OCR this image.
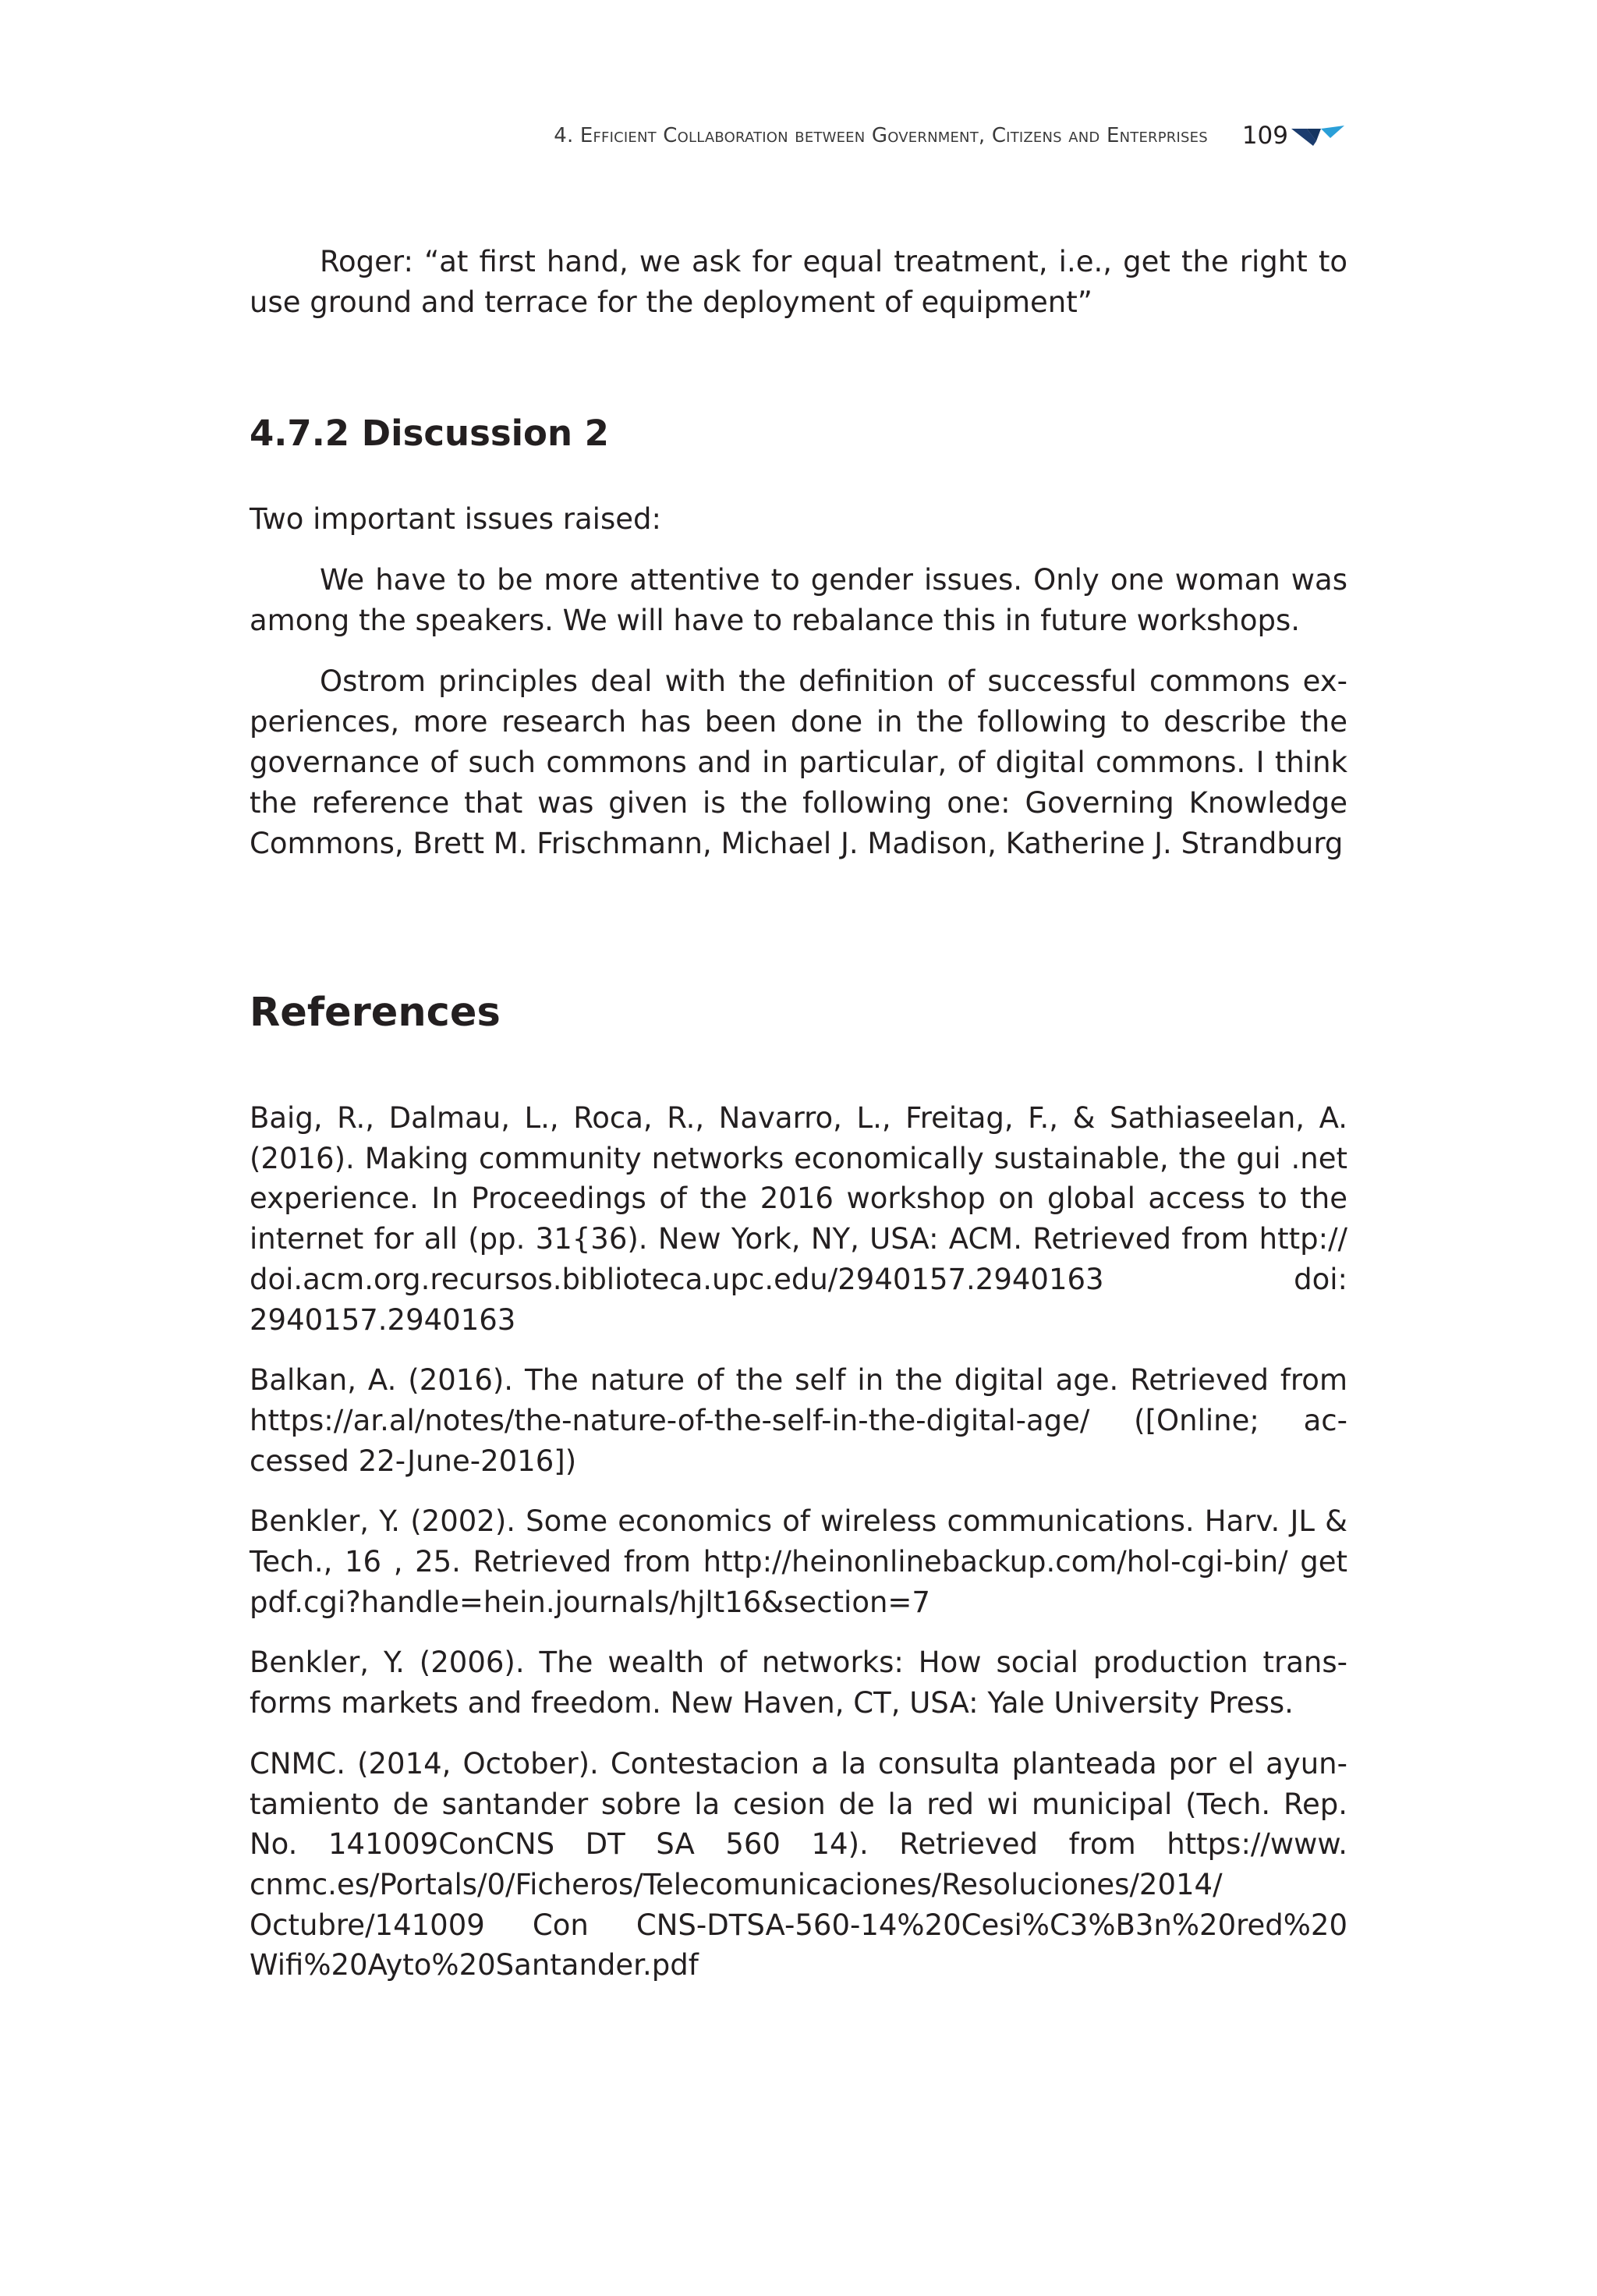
4. Efficient Collaboration between Government, Citizens and Enterprises 109

Roger: “at first hand, we ask for equal treatment, i.e., get the right to use ground and terrace for the deployment of equipment”

4.7.2 Discussion 2

Two important issues raised:

We have to be more attentive to gender issues. Only one woman was among the speakers. We will have to rebalance this in future workshops.

Ostrom principles deal with the definition of successful commons experiences, more research has been done in the following to describe the governance of such commons and in particular, of digital commons. I think the reference that was given is the following one: Governing Knowledge Commons, Brett M. Frischmann, Michael J. Madison, Katherine J. Strandburg

References

Baig, R., Dalmau, L., Roca, R., Navarro, L., Freitag, F., & Sathiaseelan, A. (2016). Making community networks economically sustainable, the gui .net experience. In Proceedings of the 2016 workshop on global access to the internet for all (pp. 31{36). New York, NY, USA: ACM. Retrieved from http:// doi.acm.org.recursos.biblioteca.upc.edu/2940157.2940163 doi: 2940157.2940163

Balkan, A. (2016). The nature of the self in the digital age. Retrieved from https://ar.al/notes/the-nature-of-the-self-in-the-digital-age/ ([Online; accessed 22-June-2016])

Benkler, Y. (2002). Some economics of wireless communications. Harv. JL & Tech., 16 , 25. Retrieved from http://heinonlinebackup.com/hol-cgi-bin/ get pdf.cgi?handle=hein.journals/hjlt16&section=7

Benkler, Y. (2006). The wealth of networks: How social production transforms markets and freedom. New Haven, CT, USA: Yale University Press.

CNMC. (2014, October). Contestacion a la consulta planteada por el ayuntamiento de santander sobre la cesion de la red wi municipal (Tech. Rep. No. 141009ConCNS DT SA 560 14). Retrieved from https://www. cnmc.es/Portals/0/Ficheros/Telecomunicaciones/Resoluciones/2014/ Octubre/141009 Con CNS-DTSA-560-14%20Cesi%C3%B3n%20red%20 Wifi%20Ayto%20Santander.pdf
